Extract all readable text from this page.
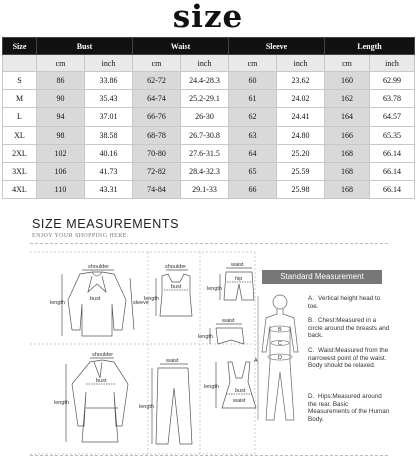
size
Size	Bust		Waist		Sleeve		Length	
	cm	inch	cm	inch	cm	inch	cm	inch
S	86	33.86	62-72	24.4-28.3	60	23.62	160	62.99
M	90	35.43	64-74	25.2-29.1	61	24.02	162	63.78
L	94	37.01	66-76	26-30	62	24.41	164	64.57
XL	98	38.58	68-78	26.7-30.8	63	24.80	166	65.35
2XL	102	40.16	70-80	27.6-31.5	64	25.20	168	66.14
3XL	106	41.73	72-82	28.4-32.3	65	25.59	168	66.14
4XL	110	43.31	74-84	29.1-33	66	25.98	168	66.14
SIZE MEASUREMENTS
ENJOY YOUR SHOPPING HERE.
shoulder
length	sleeve
bust
shoulder
length
bust
waist
hip
length
waist
length
shoulder
bust
length
waist
length
bust
waist
length
A
B
C
D
Standard Measurement
A. Vertical height head to toe.
B. Chest:Measured in a circle around the breasts and back.
C. Waist:Measured from the narrowest point of the waist. Body should be relaxed.
D. Hips:Measured around the rear. Basic Measurements of the Human Body.
